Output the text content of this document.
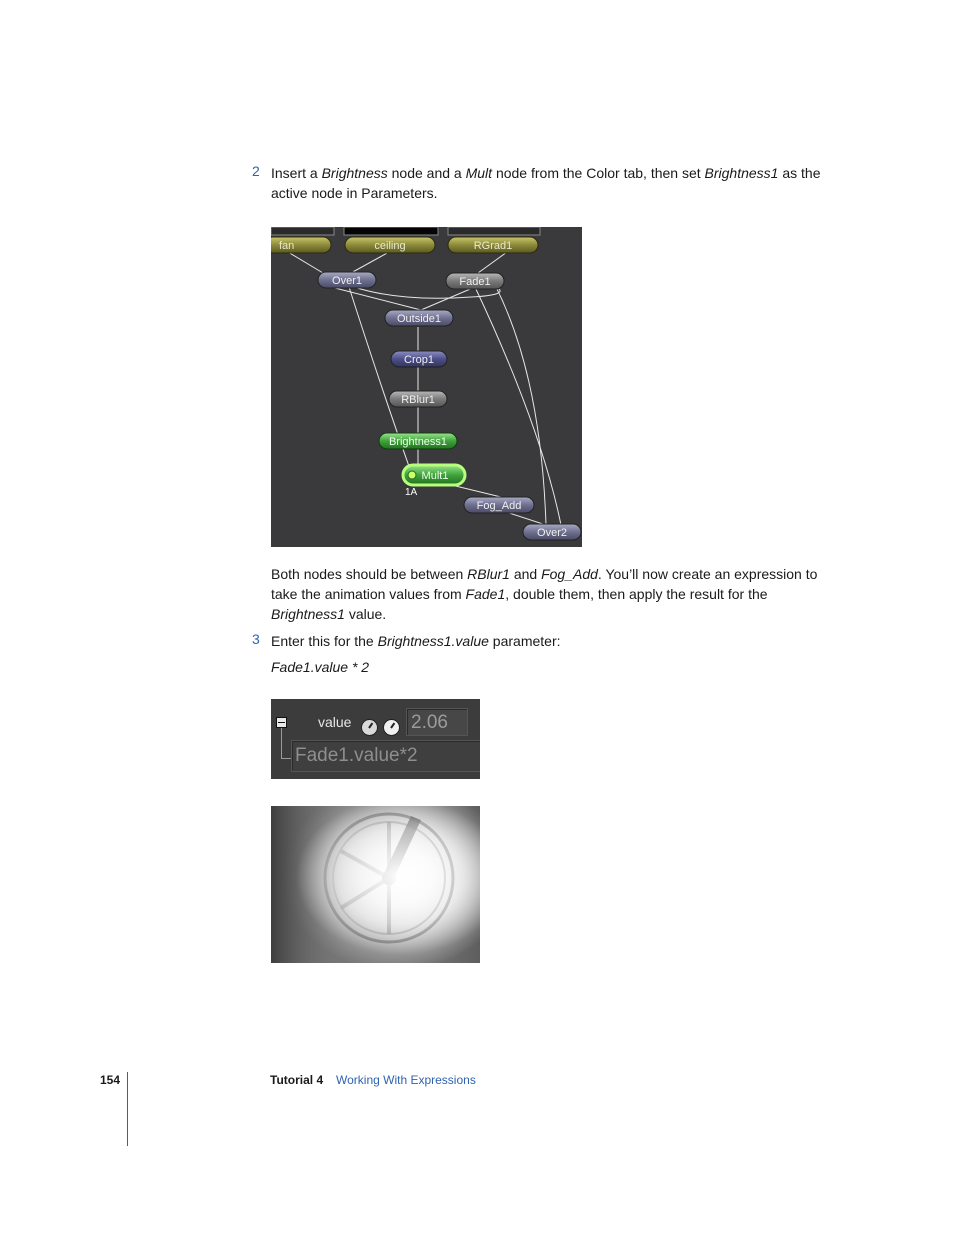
2 Insert a Brightness node and a Mult node from the Color tab, then set Brightness1 as the
active node in Parameters.
fan	ceiling	RGrad1
Over1	Fade1
Outside1
Crop1
RBlur1
Brightness1
Mult1
1A
Fog_Add
Over2
Both nodes should be between RBlur1 and Fog_Add. You’ll now create an expression to
take the animation values from Fade1, double them, then apply the result for the
Brightness1 value.
3 Enter this for the Brightness1.value parameter:
Fade1.value * 2
value	2.06
Fade1.value*2
154	Tutorial 4 Working With Expressions
